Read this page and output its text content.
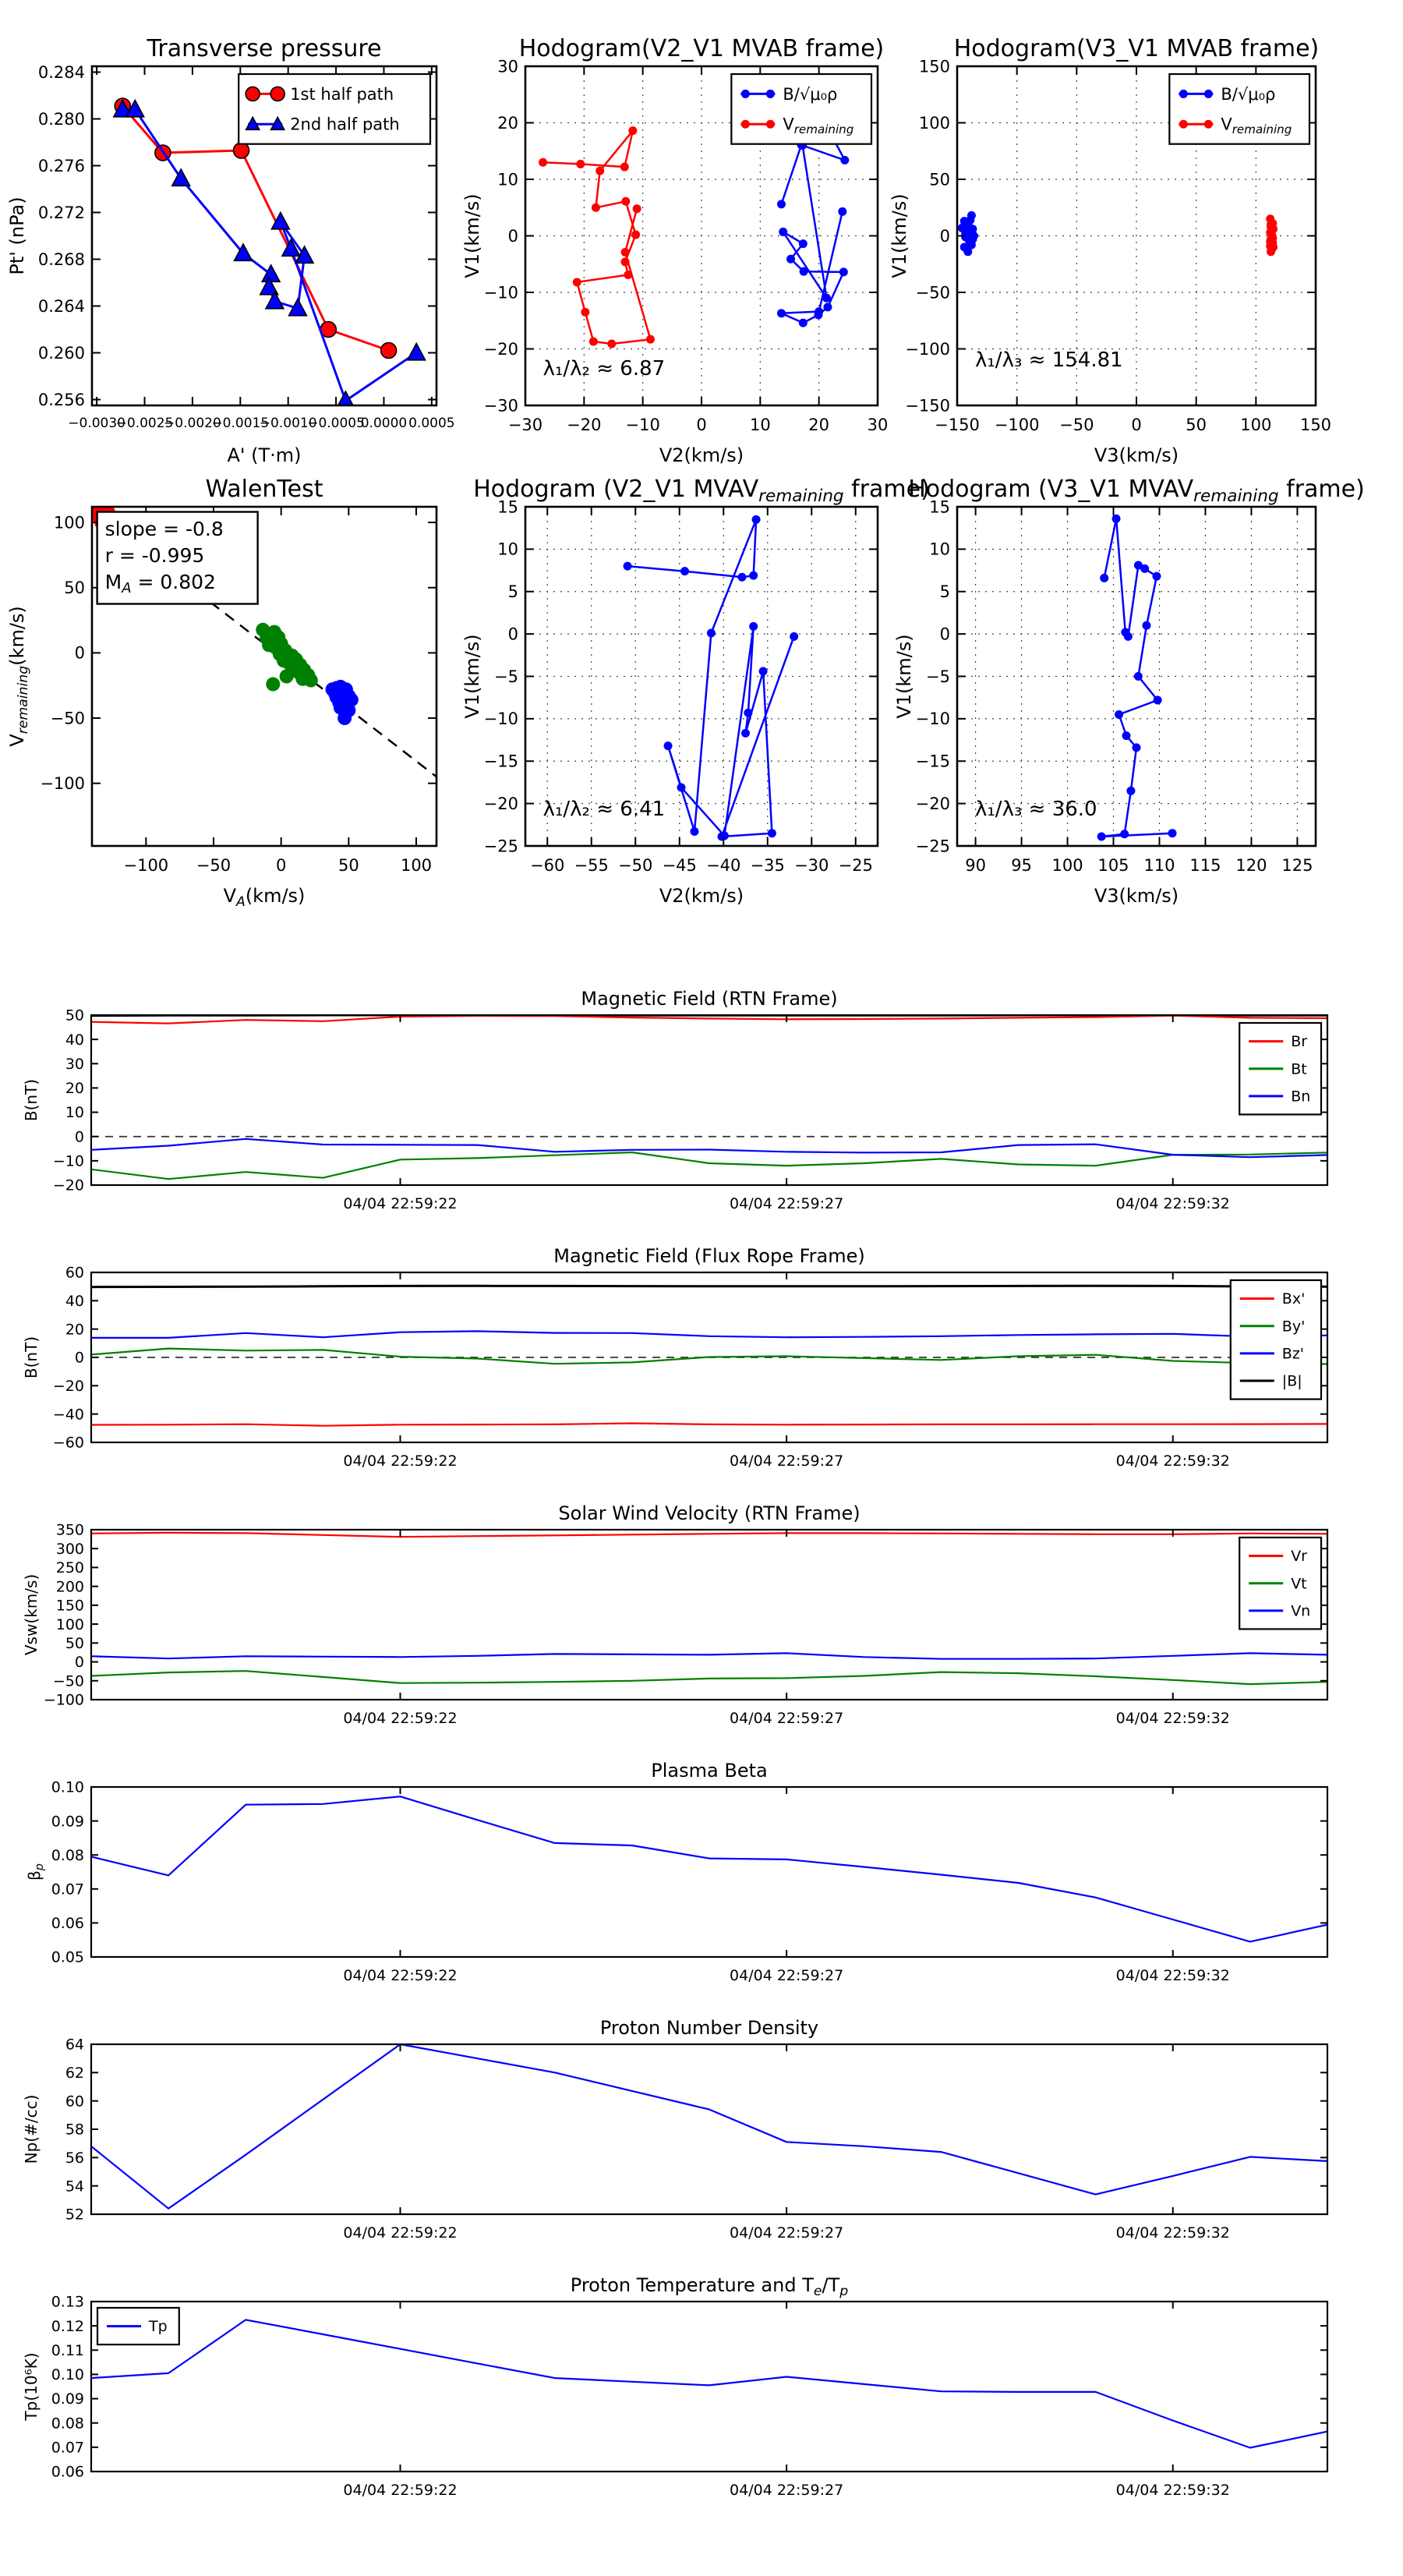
−0.0030
−0.0025
−0.0020
−0.0015
−0.0010
−0.0005
0.0000 0.0005
0.256
0.260
0.264
0.268
0.272
0.276
0.280
0.284
Transverse pressure
A' (T·m)
Pt' (nPa)
1st half path
2nd half path
−30 −20 −10 0	10 20 30
−30
−20
−10
0
10
20
30
Hodogram(V2_V1 MVAB frame)
V2(km/s)
V1(km/s)
λ₁/λ₂ ≈ 6.87
B/√μ₀ρ
$V_{remaining}$
−150 −100 −50 0	50 100 150
−150
−100
−50
0
50
100
150
Hodogram(V3_V1 MVAB frame)
V3(km/s)
V1(km/s)
λ₁/λ₃ ≈ 154.81
B/√μ₀ρ
$V_{remaining}$
−100 −50	0	50	100
−100
−50
0
50
100
WalenTest
$V_A(km/s)$
$V_{remaining}(km/s)$
slope = -0.8
r = -0.995
$M_A = 0.802$
−60 −55 −50 −45 −40 −35 −30 −25
−25
−20
−15
−10
−5
0
5
10
15
Hodogram (V2_V1 $MVAV_{remaining}$ frame)
V2(km/s)
V1(km/s)
λ₁/λ₂ ≈ 6.41
90 95 100 105 110 115 120 125
−25
−20
−15
−10
−5
0
5
10
15
Hodogram (V3_V1 $MVAV_{remaining}$ frame)
V3(km/s)
V1(km/s)
λ₁/λ₃ ≈ 36.0
04/04 22:59:22	04/04 22:59:27	04/04 22:59:32
−20
−10
0
10
20
30
40
50
Magnetic Field (RTN Frame)
B(nT)
Br
Bt
Bn
04/04 22:59:22	04/04 22:59:27	04/04 22:59:32
−60
−40
−20
0
20
40
60
Magnetic Field (Flux Rope Frame)
B(nT)
Bx'
By'
Bz'
|B|
04/04 22:59:22	04/04 22:59:27	04/04 22:59:32
−100
−50
0
50
100
150
200
250
300
350
Solar Wind Velocity (RTN Frame)
Vsw(km/s)
Vr
Vt
Vn
04/04 22:59:22	04/04 22:59:27	04/04 22:59:32
0.05
0.06
0.07
0.08
0.09
0.10
Plasma Beta
$\beta_p$
04/04 22:59:22	04/04 22:59:27	04/04 22:59:32
52
54
56
58
60
62
64
Proton Number Density
Np(#/cc)
04/04 22:59:22	04/04 22:59:27	04/04 22:59:32
0.06
0.07
0.08
0.09
0.10
0.11
0.12
0.13
Proton Temperature and $T_e/T_p$
Tp(10⁶K)
Tp
